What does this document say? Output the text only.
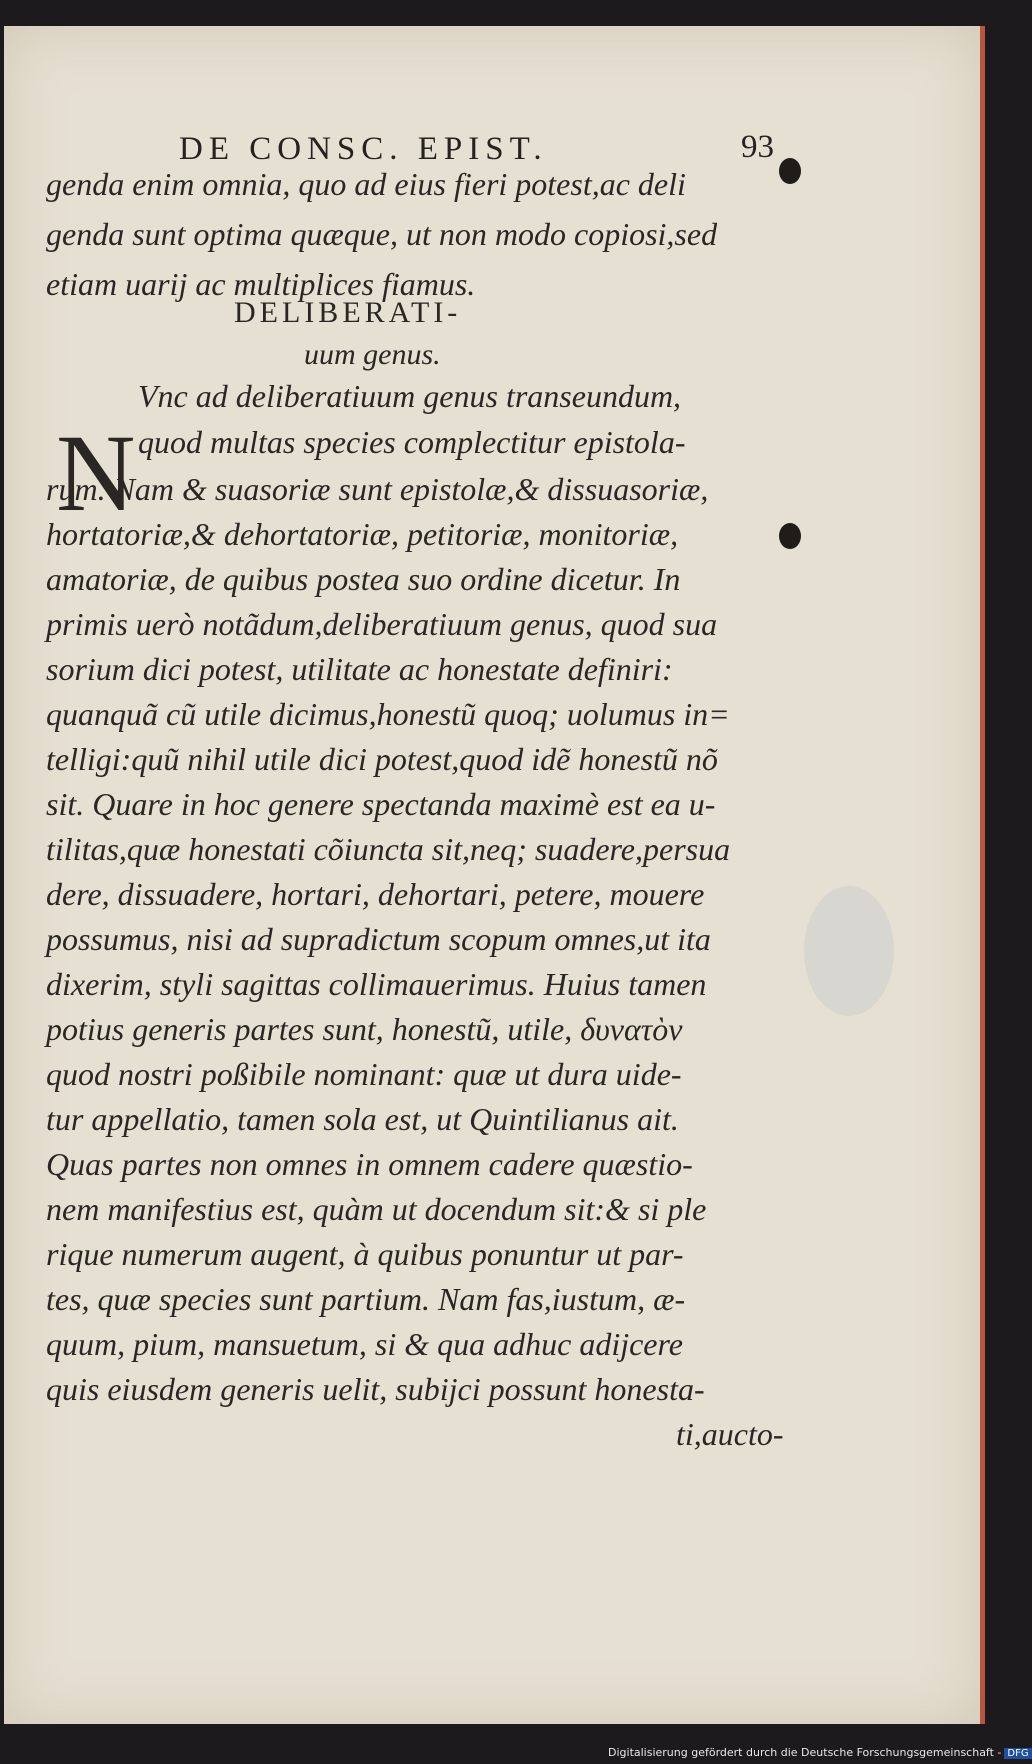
DE CONSC. EPIST.	93
genda enim omnia, quo ad eius fieri potest,ac deli
genda sunt optima quæque, ut non modo copiosi,sed
etiam uarij ac multiplices fiamus.
DELIBERATI-
uum genus.
N
Vnc ad deliberatiuum genus transeundum,
quod multas species complectitur epistola-
rum. Nam & suasoriæ sunt epistolæ,& dissuasoriæ,
hortatoriæ,& dehortatoriæ, petitoriæ, monitoriæ,
amatoriæ, de quibus postea suo ordine dicetur. In
primis uerò notãdum,deliberatiuum genus, quod sua
sorium dici potest, utilitate ac honestate definiri:
quanquã cũ utile dicimus,honestũ quoq; uolumus in=
telligi:quũ nihil utile dici potest,quod idẽ honestũ nõ
sit. Quare in hoc genere spectanda maximè est ea u-
tilitas,quæ honestati cõiuncta sit,neq; suadere,persua
dere, dissuadere, hortari, dehortari, petere, mouere
possumus, nisi ad supradictum scopum omnes,ut ita
dixerim, styli sagittas collimauerimus. Huius tamen
potius generis partes sunt, honestũ, utile, δυνατὸν
quod nostri poßibile nominant: quæ ut dura uide-
tur appellatio, tamen sola est, ut Quintilianus ait.
Quas partes non omnes in omnem cadere quæstio-
nem manifestius est, quàm ut docendum sit:& si ple
rique numerum augent, à quibus ponuntur ut par-
tes, quæ species sunt partium. Nam fas,iustum, æ-
quum, pium, mansuetum, si & qua adhuc adijcere
quis eiusdem generis uelit, subijci possunt honesta-
ti,aucto-
Digitalisierung gefördert durch die Deutsche Forschungsgemeinschaft - DFG
